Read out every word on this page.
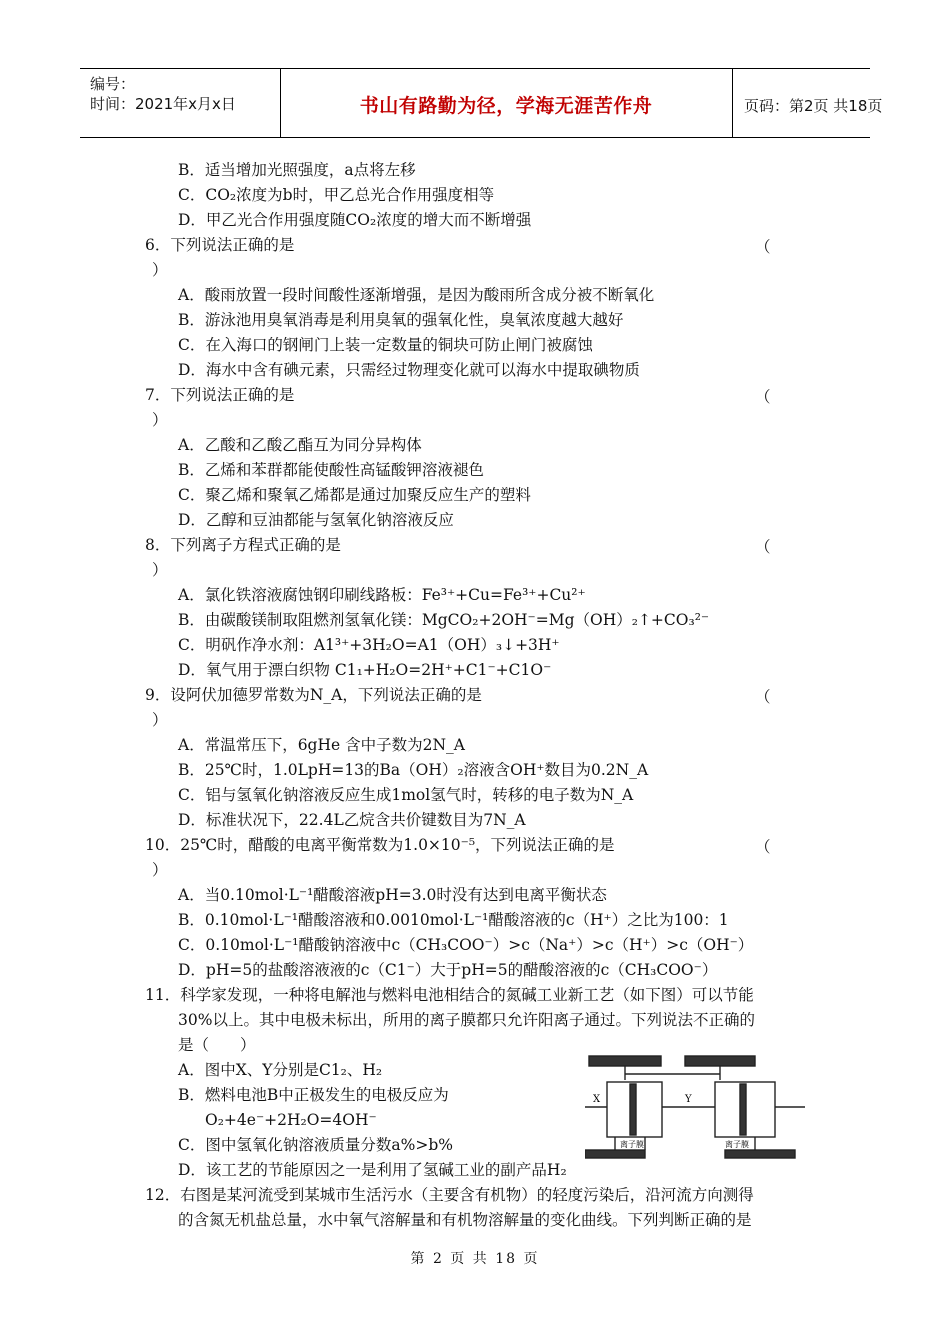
编号：
时间：2021年x月x日	书山有路勤为径，学海无涯苦作舟	页码：第2页 共18页
B．适当增加光照强度，a点将左移
C．CO₂浓度为b时，甲乙总光合作用强度相等
D．甲乙光合作用强度随CO₂浓度的增大而不断增强
6．下列说法正确的是	（
）
A．酸雨放置一段时间酸性逐渐增强，是因为酸雨所含成分被不断氧化
B．游泳池用臭氧消毒是利用臭氧的强氧化性，臭氧浓度越大越好
C．在入海口的钢闸门上装一定数量的铜块可防止闸门被腐蚀
D．海水中含有碘元素，只需经过物理变化就可以海水中提取碘物质
7．下列说法正确的是	（
）
A．乙酸和乙酸乙酯互为同分异构体
B．乙烯和苯群都能使酸性高锰酸钾溶液褪色
C．聚乙烯和聚氧乙烯都是通过加聚反应生产的塑料
D．乙醇和豆油都能与氢氧化钠溶液反应
8．下列离子方程式正确的是	（
）
A．氯化铁溶液腐蚀钢印刷线路板：Fe³⁺+Cu=Fe³⁺+Cu²⁺
B．由碳酸镁制取阻燃剂氢氧化镁：MgCO₂+2OH⁻=Mg（OH）₂↑+CO₃²⁻
C．明矾作净水剂：A1³⁺+3H₂O=A1（OH）₃↓+3H⁺
D．氧气用于漂白织物 C1₁+H₂O=2H⁺+C1⁻+C1O⁻
9．设阿伏加德罗常数为N_A，下列说法正确的是	（
）
A．常温常压下，6gHe 含中子数为2N_A
B．25℃时，1.0LpH=13的Ba（OH）₂溶液含OH⁺数目为0.2N_A
C．铝与氢氧化钠溶液反应生成1mol氢气时，转移的电子数为N_A
D．标准状况下，22.4L乙烷含共价键数目为7N_A
10．25℃时，醋酸的电离平衡常数为1.0×10⁻⁵，下列说法正确的是	（
）
A．当0.10mol·L⁻¹醋酸溶液pH=3.0时没有达到电离平衡状态
B．0.10mol·L⁻¹醋酸溶液和0.0010mol·L⁻¹醋酸溶液的c（H⁺）之比为100：1
C．0.10mol·L⁻¹醋酸钠溶液中c（CH₃COO⁻）>c（Na⁺）>c（H⁺）>c（OH⁻）
D．pH=5的盐酸溶液液的c（C1⁻）大于pH=5的醋酸溶液的c（CH₃COO⁻）
11．科学家发现，一种将电解池与燃料电池相结合的氮碱工业新工艺（如下图）可以节能
30%以上。其中电极未标出，所用的离子膜都只允许阳离子通过。下列说法不正确的
是（　　）
A．图中X、Y分别是C1₂、H₂
B．燃料电池B中正极发生的电极反应为
O₂+4e⁻+2H₂O=4OH⁻
C．图中氢氧化钠溶液质量分数a%>b%
D．该工艺的节能原因之一是利用了氢碱工业的副产品H₂
X	Y
离子膜	离子膜
12．右图是某河流受到某城市生活污水（主要含有机物）的轻度污染后，沿河流方向测得
的含氮无机盐总量，水中氧气溶解量和有机物溶解量的变化曲线。下列判断正确的是
第 2 页 共 18 页
